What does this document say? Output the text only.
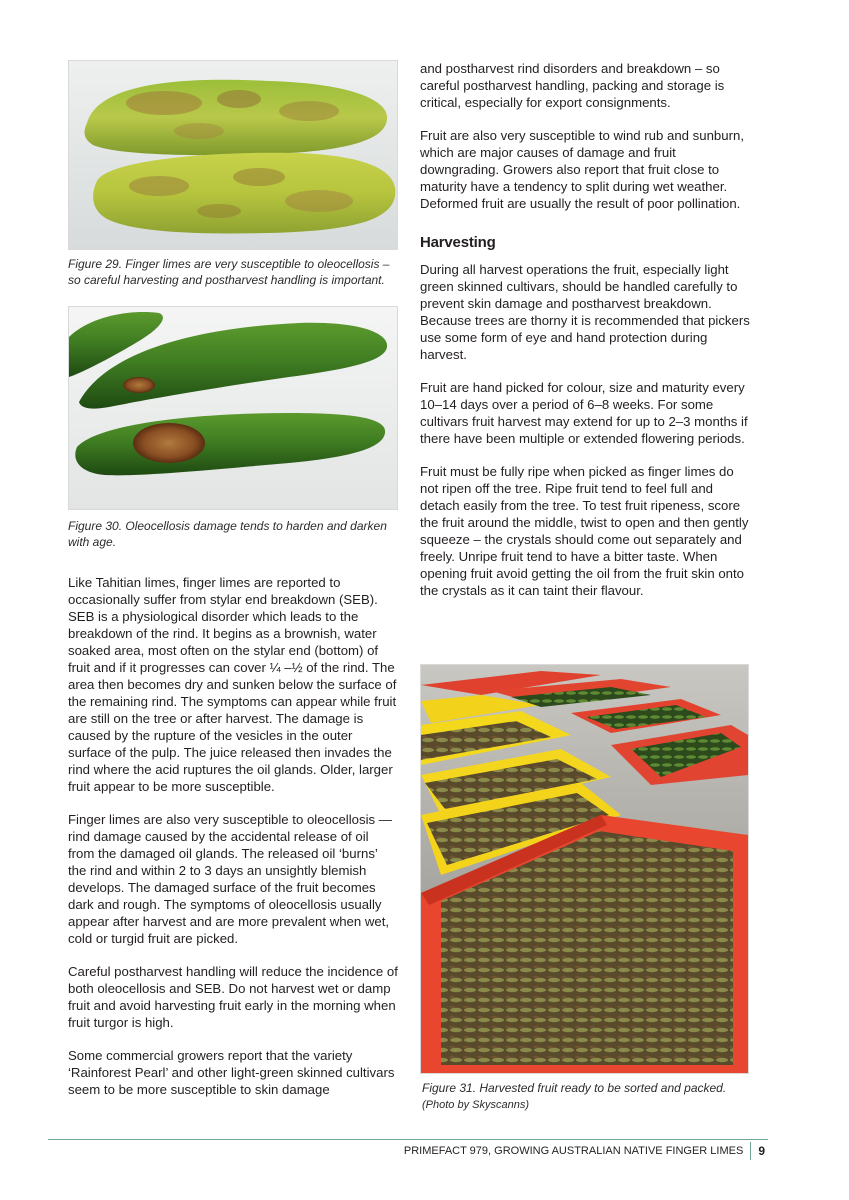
Figure 29. Finger limes are very susceptible to oleocellosis – so careful harvesting and postharvest handling is important.

Figure 30. Oleocellosis damage tends to harden and darken with age.

Like Tahitian limes, finger limes are reported to occasionally suffer from stylar end breakdown (SEB). SEB is a physiological disorder which leads to the breakdown of the rind. It begins as a brownish, water soaked area, most often on the stylar end (bottom) of fruit and if it progresses can cover ¼ –½ of the rind. The area then becomes dry and sunken below the surface of the remaining rind. The symptoms can appear while fruit are still on the tree or after harvest. The damage is caused by the rupture of the vesicles in the outer surface of the pulp. The juice released then invades the rind where the acid ruptures the oil glands. Older, larger fruit appear to be more susceptible.

Finger limes are also very susceptible to oleocellosis — rind damage caused by the accidental release of oil from the damaged oil glands. The released oil ‘burns’ the rind and within 2 to 3 days an unsightly blemish develops. The damaged surface of the fruit becomes dark and rough. The symptoms of oleocellosis usually appear after harvest and are more prevalent when wet, cold or turgid fruit are picked.

Careful postharvest handling will reduce the incidence of both oleocellosis and SEB. Do not harvest wet or damp fruit and avoid harvesting fruit early in the morning when fruit turgor is high.

Some commercial growers report that the variety ‘Rainforest Pearl’ and other light-green skinned cultivars seem to be more susceptible to skin damage

and postharvest rind disorders and breakdown – so careful postharvest handling, packing and storage is critical, especially for export consignments.

Fruit are also very susceptible to wind rub and sunburn, which are major causes of damage and fruit downgrading. Growers also report that fruit close to maturity have a tendency to split during wet weather. Deformed fruit are usually the result of poor pollination.

Harvesting

During all harvest operations the fruit, especially light green skinned cultivars, should be handled carefully to prevent skin damage and postharvest breakdown. Because trees are thorny it is recommended that pickers use some form of eye and hand protection during harvest.

Fruit are hand picked for colour, size and maturity every 10–14 days over a period of 6–8 weeks. For some cultivars fruit harvest may extend for up to 2–3 months if there have been multiple or extended flowering periods.

Fruit must be fully ripe when picked as finger limes do not ripen off the tree. Ripe fruit tend to feel full and detach easily from the tree. To test fruit ripeness, score the fruit around the middle, twist to open and then gently squeeze – the crystals should come out separately and freely. Unripe fruit tend to have a bitter taste. When opening fruit avoid getting the oil from the fruit skin onto the crystals as it can taint their flavour.

Figure 31. Harvested fruit ready to be sorted and packed. (Photo by Skyscanns)

PRIMEFACT 979, GROWING AUSTRALIAN NATIVE FINGER LIMES 9
